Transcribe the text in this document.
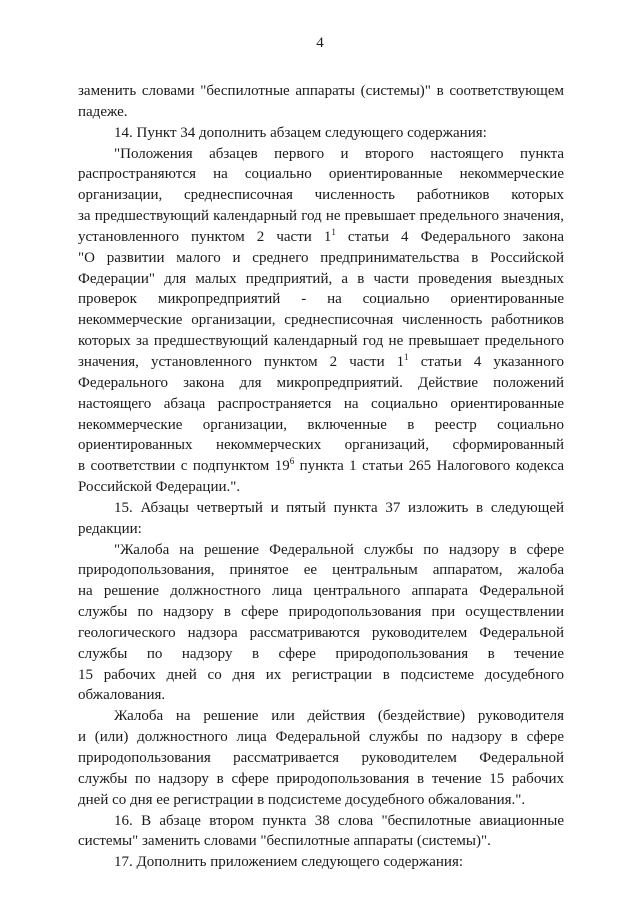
4
заменить словами "беспилотные аппараты (системы)" в соответствующем
падеже.
14. Пункт 34 дополнить абзацем следующего содержания:
"Положения абзацев первого и второго настоящего пункта
распространяются на социально ориентированные некоммерческие
организации, среднесписочная численность работников которых
за предшествующий календарный год не превышает предельного значения,
установленного пунктом 2 части $1^1$ статьи 4 Федерального закона
"О развитии малого и среднего предпринимательства в Российской
Федерации" для малых предприятий, а в части проведения выездных
проверок микропредприятий - на социально ориентированные
некоммерческие организации, среднесписочная численность работников
которых за предшествующий календарный год не превышает предельного
значения, установленного пунктом 2 части $1^1$ статьи 4 указанного
Федерального закона для микропредприятий. Действие положений
настоящего абзаца распространяется на социально ориентированные
некоммерческие организации, включенные в реестр социально
ориентированных некоммерческих организаций, сформированный
в соответствии с подпунктом $19^6$ пункта 1 статьи 265 Налогового кодекса
Российской Федерации.".
15. Абзацы четвертый и пятый пункта 37 изложить в следующей
редакции:
"Жалоба на решение Федеральной службы по надзору в сфере
природопользования, принятое ее центральным аппаратом, жалоба
на решение должностного лица центрального аппарата Федеральной
службы по надзору в сфере природопользования при осуществлении
геологического надзора рассматриваются руководителем Федеральной
службы по надзору в сфере природопользования в течение
15 рабочих дней со дня их регистрации в подсистеме досудебного
обжалования.
Жалоба на решение или действия (бездействие) руководителя
и (или) должностного лица Федеральной службы по надзору в сфере
природопользования рассматривается руководителем Федеральной
службы по надзору в сфере природопользования в течение 15 рабочих
дней со дня ее регистрации в подсистеме досудебного обжалования.".
16. В абзаце втором пункта 38 слова "беспилотные авиационные
системы" заменить словами "беспилотные аппараты (системы)".
17. Дополнить приложением следующего содержания:
